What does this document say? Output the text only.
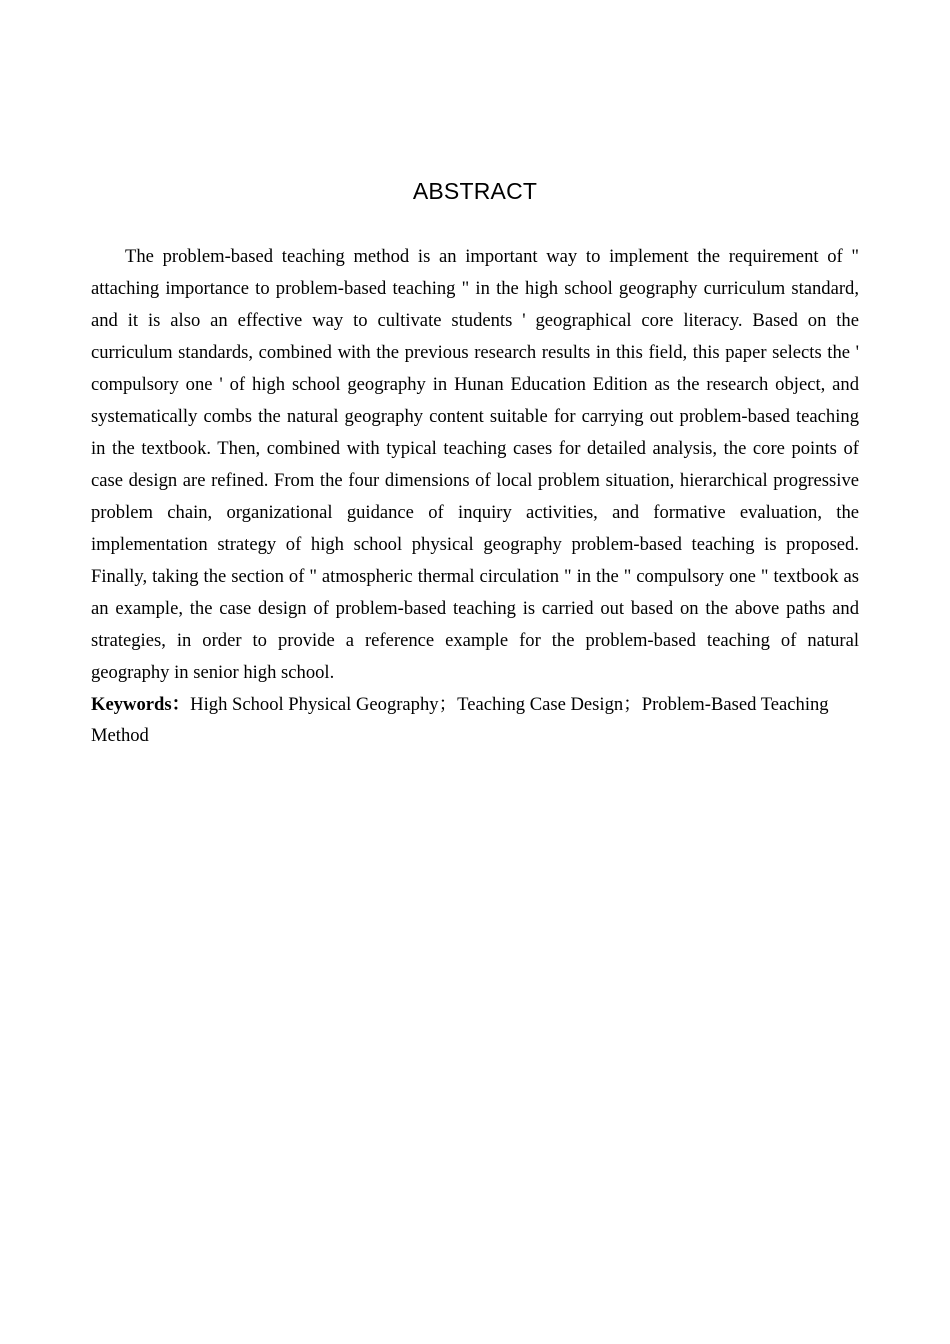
ABSTRACT

The problem-based teaching method is an important way to implement the requirement of " attaching importance to problem-based teaching " in the high school geography curriculum standard, and it is also an effective way to cultivate students ' geographical core literacy. Based on the curriculum standards, combined with the previous research results in this field, this paper selects the ' compulsory one ' of high school geography in Hunan Education Edition as the research object, and systematically combs the natural geography content suitable for carrying out problem-based teaching in the textbook. Then, combined with typical teaching cases for detailed analysis, the core points of case design are refined. From the four dimensions of local problem situation, hierarchical progressive problem chain, organizational guidance of inquiry activities, and formative evaluation, the implementation strategy of high school physical geography problem-based teaching is proposed. Finally, taking the section of " atmospheric thermal circulation " in the " compulsory one " textbook as an example, the case design of problem-based teaching is carried out based on the above paths and strategies, in order to provide a reference example for the problem-based teaching of natural geography in senior high school.

Keywords：High School Physical Geography；Teaching Case Design；Problem-Based Teaching Method
